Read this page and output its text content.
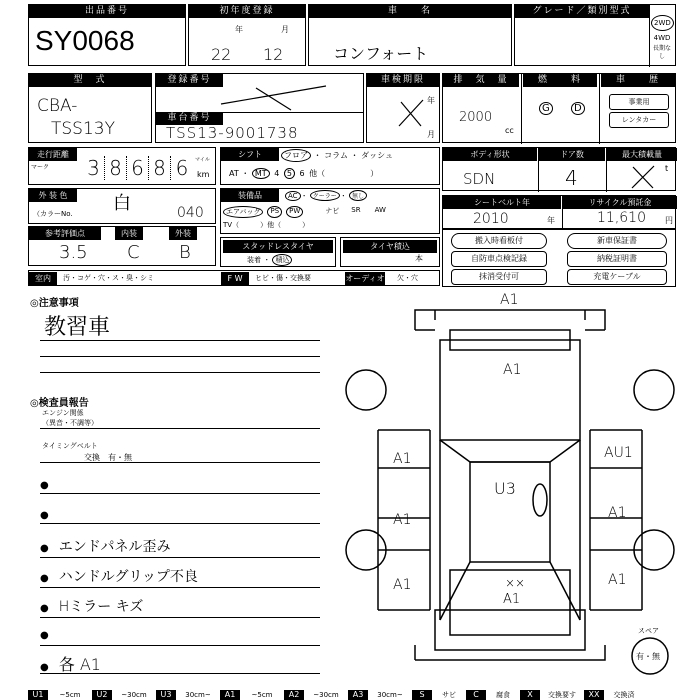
出品番号
SY0068
初年度登録
年	月
22 12
車　　名
コンフォート
グレード／類別型式
2WD
4WD
長期なし
型　式
CBA-
TSS13Y
登録番号
車台番号
TSS13-9001738
車検期限
年
月
排　気　量	燃　　料	車　　歴
2000
cc
G	D
事業用
レンタカー
走行距離
マーク 3 8 6 8 6	マイル
km
シフト	フロア ・ コラム ・ ダッシュ
AT ・ MT 4 5 6 他（	）
ボディ形状	ドア数	最大積載量
SDN	4	t
外 装 色	白
（カラーNo.	040
装備品	AC ・ クーラー ・ 無し
エアバッグ	PS	PW	ナビ SR AW
TV（　　　）他（　　　）
シートベルト年	リサイクル預託金
2010	年	11,610 円
参考評価点	内装	外装
3.5 C B	スタッドレスタイヤ
装着 ・ 積込
タイヤ積込
本
搬入時看板付	新車保証書
自防車点検記録	納税証明書
抹消受付可	充電ケーブル
室内	汚・コゲ・穴・ス・臭・シミ	F W	ヒビ・傷・交換要	オーディオ 欠・穴
◎注意事項
教習車
◎検査員報告
エンジン関係
（異音・不調等）
タイミングベルト
交換　有・無
●
●
● エンドパネル歪み
● ハンドルグリップ不良
● Hミラー キズ
●
● 各 A1
A1
A1
A1
A1
A1
AU1
A1
A1
U3
××
A1
スペア
有・無
U1	~5cm	U2	~30cm	U3	30cm~	A1	~5cm	A2	~30cm	A3	30cm~	S	サビ	C	腐食	X	交換要す	XX	交換済
